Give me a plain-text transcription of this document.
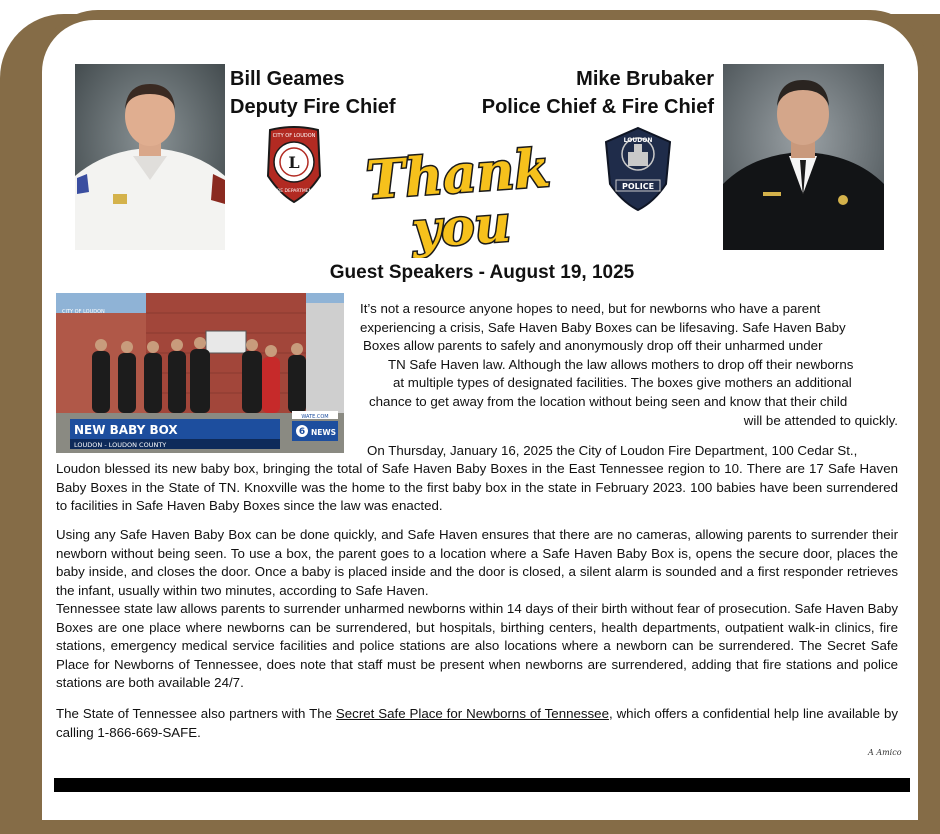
Bill Geames
Deputy Fire Chief
L
CITY OF LOUDON
FIRE DEPARTMENT Thank
you
Mike Brubaker
Police Chief & Fire Chief
LOUDON
POLICE
Guest Speakers - August 19, 1025
NEW BABY BOX
LOUDON - LOUDON COUNTY
6 NEWS
WATE.COM
CITY OF LOUDON	It’s not a resource anyone hopes to need, but for newborns who have a parent
experiencing a crisis, Safe Haven Baby Boxes can be lifesaving. Safe Haven Baby
Boxes allow parents to safely and anonymously drop off their unharmed under
TN Safe Haven law. Although the law allows mothers to drop off their newborns
at multiple types of designated facilities. The boxes give mothers an additional
chance to get away from the location without being seen and know that their child
will be attended to quickly.
On Thursday, January 16, 2025 the City of Loudon Fire Department, 100 Cedar St.,
Loudon blessed its new baby box, bringing the total of Safe Haven Baby Boxes in the East Tennessee region to 10. There are 17 Safe Haven Baby Boxes in the State of TN. Knoxville was the home to the first baby box in the state in February 2023. 100 babies have been surrendered to facilities in Safe Haven Baby Boxes since the law was enacted.
Using any Safe Haven Baby Box can be done quickly, and Safe Haven ensures that there are no cameras, allowing parents to surrender their newborn without being seen. To use a box, the parent goes to a location where a Safe Haven Baby Box is, opens the secure door, places the baby inside, and closes the door. Once a baby is placed inside and the door is closed, a silent alarm is sounded and a first responder retrieves the infant, usually within two minutes, according to Safe Haven.
Tennessee state law allows parents to surrender unharmed newborns within 14 days of their birth without fear of prosecution. Safe Haven Baby Boxes are one place where newborns can be surrendered, but hospitals, birthing centers, health departments, outpatient walk-in clinics, fire stations, emergency medical service facilities and police stations are also locations where a newborn can be surrendered. The Secret Safe Place for Newborns of Tennessee, does note that staff must be present when newborns are surrendered, adding that fire stations and police stations are both available 24/7.
The State of Tennessee also partners with The Secret Safe Place for Newborns of Tennessee, which offers a confidential help line available by calling 1-866-669-SAFE.
A Amico
